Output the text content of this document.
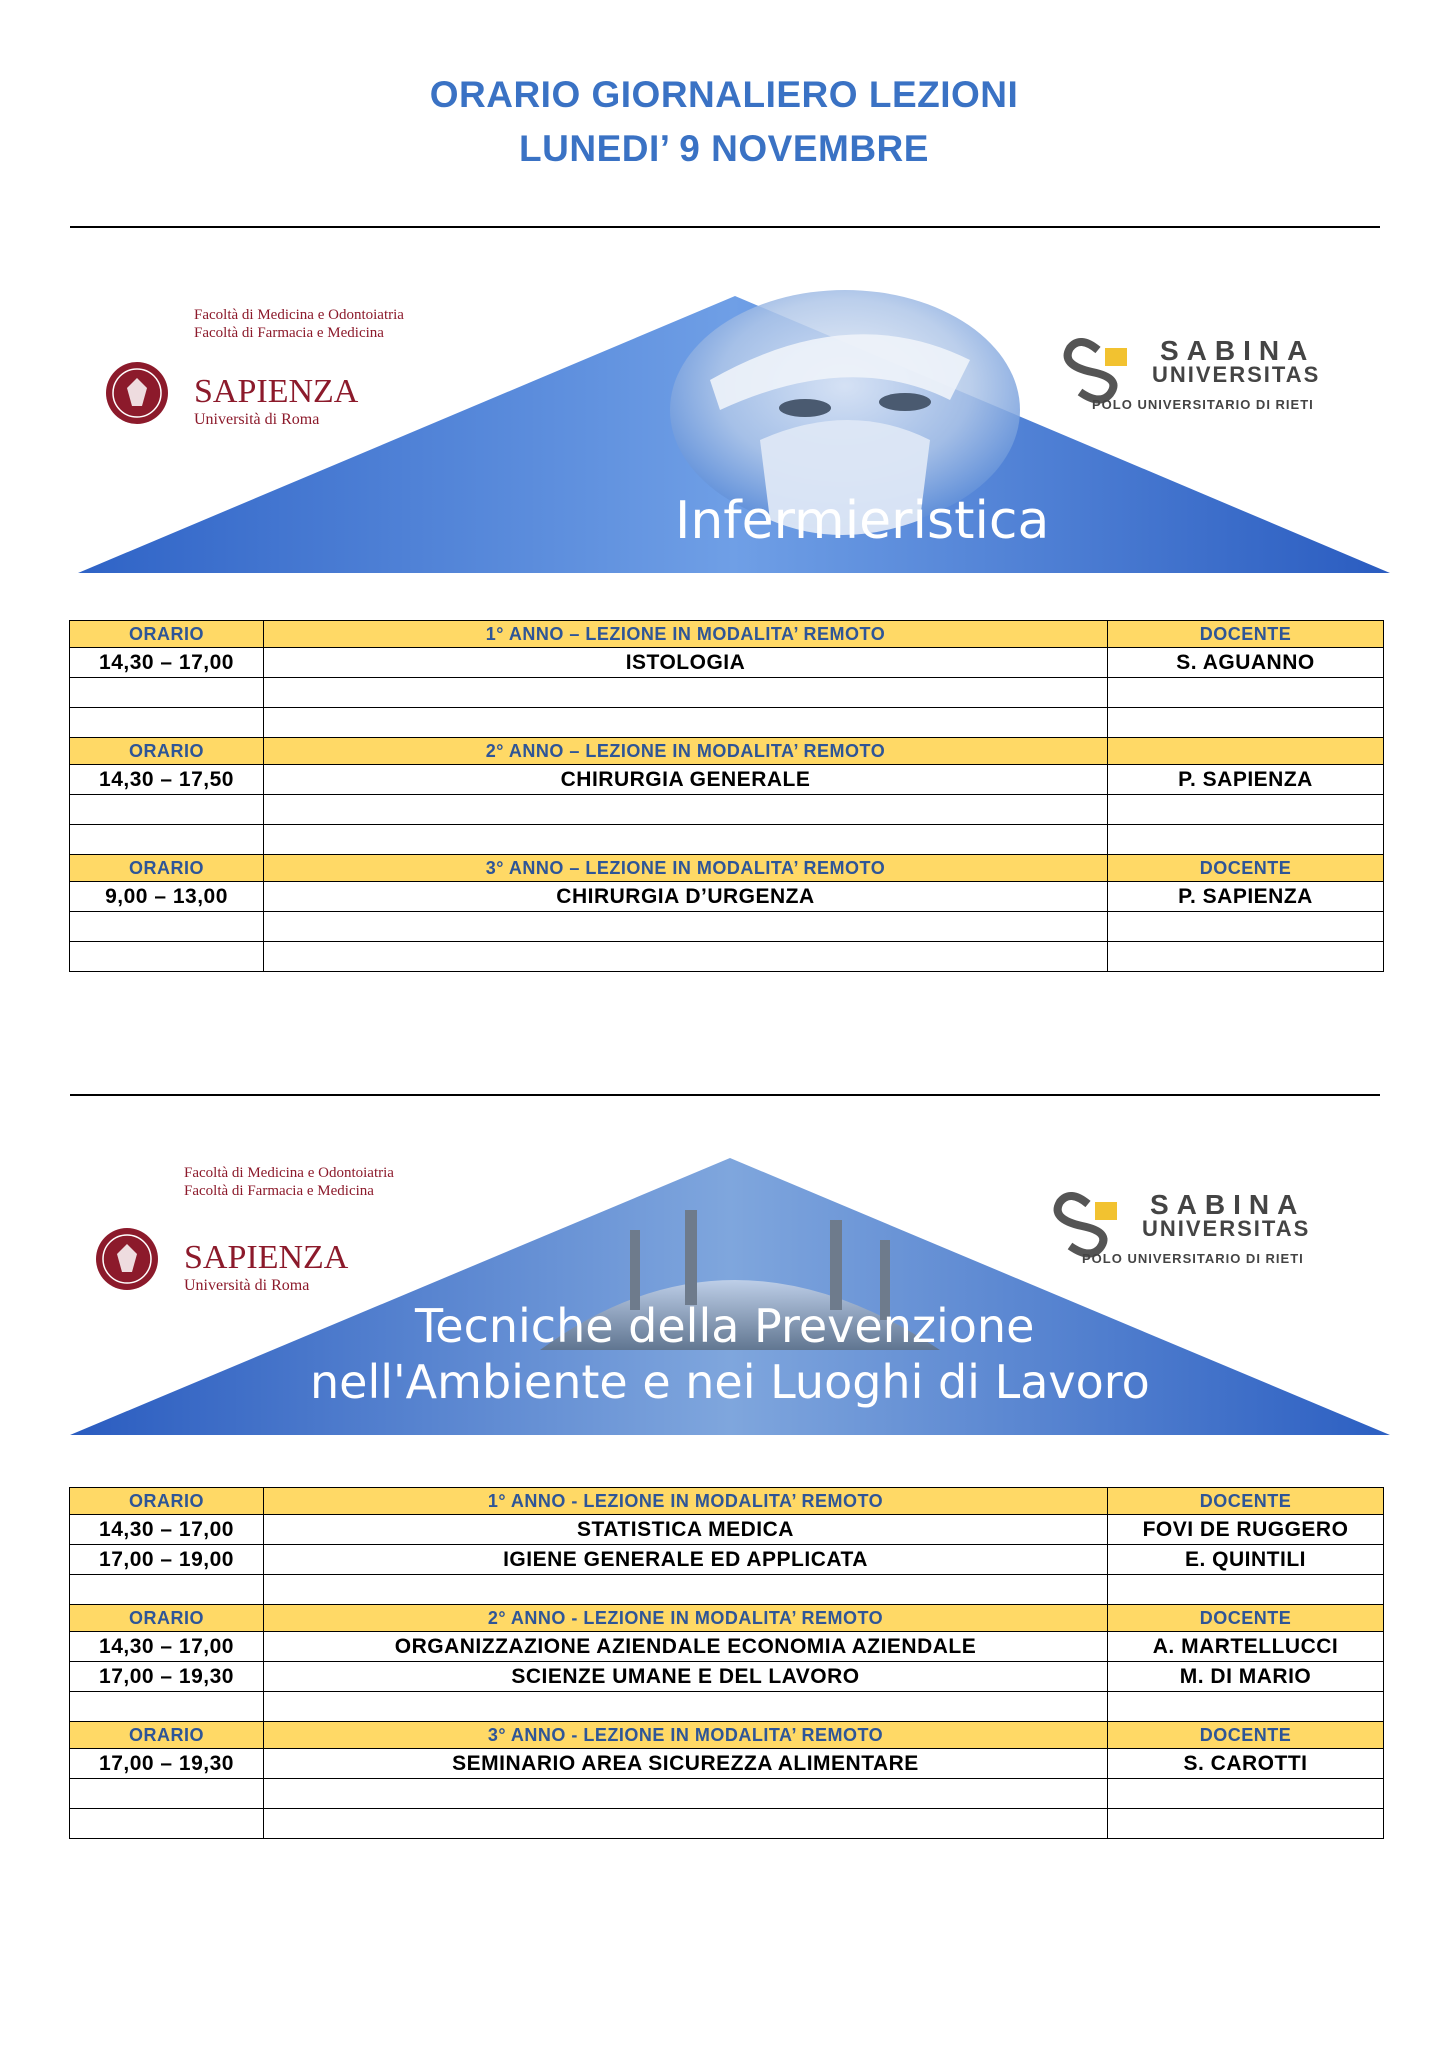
ORARIO GIORNALIERO LEZIONI
LUNEDI’ 9 NOVEMBRE
Infermieristica
SAPIENZA
Università di Roma
Facoltà di Medicina e Odontoiatria
Facoltà di Farmacia e Medicina
SABINA
UNIVERSITAS
POLO UNIVERSITARIO DI RIETI
ORARIO	1° ANNO – LEZIONE IN MODALITA’ REMOTO	DOCENTE
14,30 – 17,00	ISTOLOGIA	S. AGUANNO

ORARIO	2° ANNO – LEZIONE IN MODALITA’ REMOTO	
14,30 – 17,50	CHIRURGIA GENERALE	P. SAPIENZA

ORARIO	3° ANNO – LEZIONE IN MODALITA’ REMOTO	DOCENTE
9,00 – 13,00	CHIRURGIA D’URGENZA	P. SAPIENZA

Tecniche della Prevenzione
nell'Ambiente e nei Luoghi di Lavoro
SAPIENZA
Università di Roma
Facoltà di Medicina e Odontoiatria
Facoltà di Farmacia e Medicina	SABINA
UNIVERSITAS
POLO UNIVERSITARIO DI RIETI
ORARIO	1° ANNO - LEZIONE IN MODALITA’ REMOTO	DOCENTE
14,30 – 17,00	STATISTICA MEDICA	FOVI DE RUGGERO
17,00 – 19,00	IGIENE GENERALE ED APPLICATA	E. QUINTILI

ORARIO	2° ANNO - LEZIONE IN MODALITA’ REMOTO	DOCENTE
14,30 – 17,00	ORGANIZZAZIONE AZIENDALE ECONOMIA AZIENDALE	A. MARTELLUCCI
17,00 – 19,30	SCIENZE UMANE E DEL LAVORO	M. DI MARIO

ORARIO	3° ANNO - LEZIONE IN MODALITA’ REMOTO	DOCENTE
17,00 – 19,30	SEMINARIO AREA SICUREZZA ALIMENTARE	S. CAROTTI
